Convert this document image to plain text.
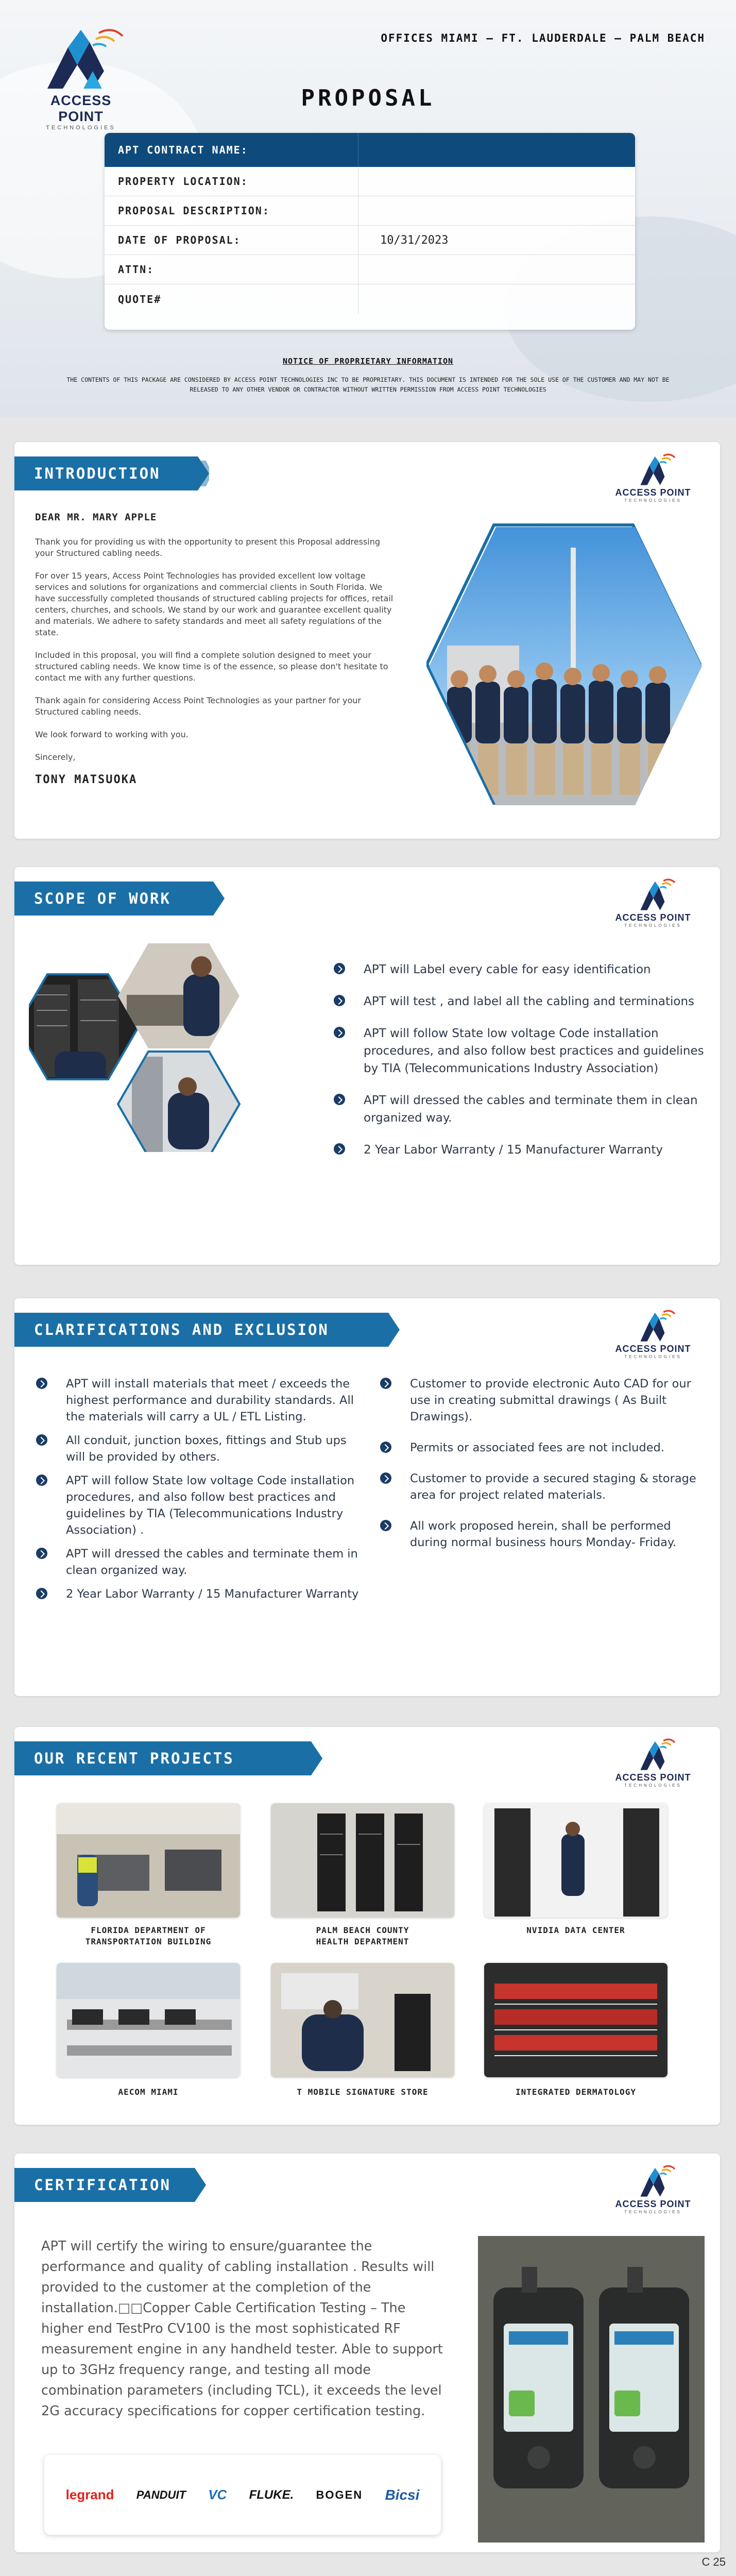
ACCESS POINT
TECHNOLOGIES
OFFICES MIAMI – FT. LAUDERDALE – PALM BEACH
PROPOSAL
APT CONTRACT NAME:
PROPERTY LOCATION:
PROPOSAL DESCRIPTION:
DATE OF PROPOSAL:	10/31/2023
ATTN:
QUOTE#
NOTICE OF PROPRIETARY INFORMATION
THE CONTENTS OF THIS PACKAGE ARE CONSIDERED BY ACCESS POINT TECHNOLOGIES INC TO BE PROPRIETARY. THIS DOCUMENT IS INTENDED FOR THE SOLE USE OF THE CUSTOMER AND MAY NOT BE RELEASED TO ANY OTHER VENDOR OR CONTRACTOR WITHOUT WRITTEN PERMISSION FROM ACCESS POINT TECHNOLOGIES
INTRODUCTION
ACCESS POINT
TECHNOLOGIES

DEAR MR. MARY APPLE

Thank you for providing us with the opportunity to present this Proposal addressing your Structured cabling needs.

For over 15 years, Access Point Technologies has provided excellent low voltage services and solutions for organizations and commercial clients in South Florida. We have successfully completed thousands of structured cabling projects for offices, retail centers, churches, and schools. We stand by our work and guarantee excellent quality and materials. We adhere to safety standards and meet all safety regulations of the state.

Included in this proposal, you will find a complete solution designed to meet your structured cabling needs. We know time is of the essence, so please don't hesitate to contact me with any further questions.

Thank again for considering Access Point Technologies as your partner for your Structured cabling needs.

We look forward to working with you.

Sincerely,

TONY MATSUOKA

SCOPE OF WORK
ACCESS POINT
TECHNOLOGIES
APT will Label every cable for easy identification
APT will test , and label all the cabling and terminations
APT will follow State low voltage Code installation procedures, and also follow best practices and guidelines by TIA (Telecommunications Industry Association)
APT will dressed the cables and terminate them in clean organized way.
2 Year Labor Warranty / 15 Manufacturer Warranty
CLARIFICATIONS AND EXCLUSION
ACCESS POINT
TECHNOLOGIES
APT will install materials that meet / exceeds the highest performance and durability standards. All the materials will carry a UL / ETL Listing.
All conduit, junction boxes, fittings and Stub ups will be provided by others.
APT will follow State low voltage Code installation procedures, and also follow best practices and guidelines by TIA (Telecommunications Industry Association) .
APT will dressed the cables and terminate them in clean organized way.
2 Year Labor Warranty / 15 Manufacturer Warranty
Customer to provide electronic Auto CAD for our use in creating submittal drawings ( As Built Drawings).
Permits or associated fees are not included.
Customer to provide a secured staging & storage area for project related materials.
All work proposed herein, shall be performed during normal business hours Monday- Friday.
OUR RECENT PROJECTS
ACCESS POINT
TECHNOLOGIES
FLORIDA DEPARTMENT OF
TRANSPORTATION BUILDING
PALM BEACH COUNTY
HEALTH DEPARTMENT
NVIDIA DATA CENTER
AECOM MIAMI	T MOBILE SIGNATURE STORE	INTEGRATED DERMATOLOGY
CERTIFICATION
ACCESS POINT
TECHNOLOGIES
APT will certify the wiring to ensure/guarantee the performance and quality of cabling installation . Results will provided to the customer at the completion of the installation.□□Copper Cable Certification Testing – The higher end TestPro CV100 is the most sophisticated RF measurement engine in any handheld tester. Able to support up to 3GHz frequency range, and testing all mode combination parameters (including TCL), it exceeds the level 2G accuracy specifications for copper certification testing.
legrand PANDUIT VC FLUKE. BOGEN Bicsi
C 25
